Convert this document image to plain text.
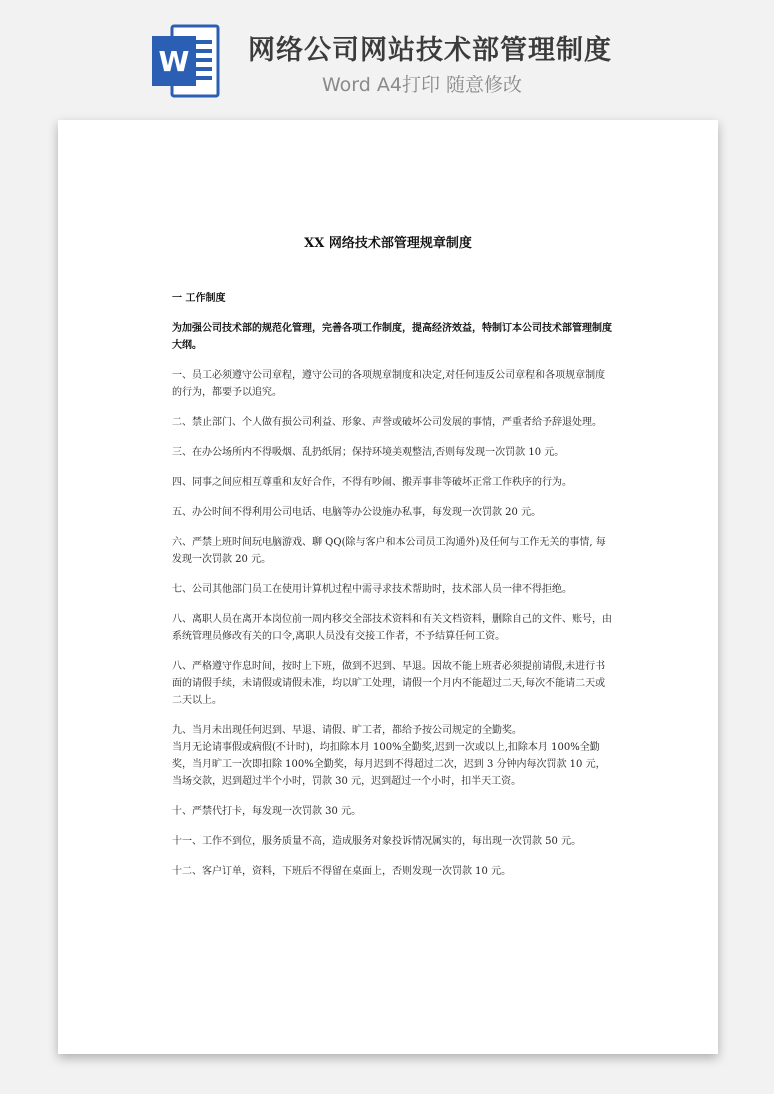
W 网络公司网站技术部管理制度
Word A4打印 随意修改
XX 网络技术部管理规章制度

一 工作制度

为加强公司技术部的规范化管理，完善各项工作制度，提高经济效益，特制订本公司技术部管理制度大纲。

一、员工必须遵守公司章程，遵守公司的各项规章制度和决定,对任何违反公司章程和各项规章制度的行为，都要予以追究。

二、禁止部门、个人做有损公司利益、形象、声誉或破坏公司发展的事情，严重者给予辞退处理。

三、在办公场所内不得吸烟、乱扔纸屑；保持环境美观整洁,否则每发现一次罚款 10 元。

四、同事之间应相互尊重和友好合作，不得有吵闹、搬弄事非等破坏正常工作秩序的行为。

五、办公时间不得利用公司电话、电脑等办公设施办私事，每发现一次罚款 20 元。

六、严禁上班时间玩电脑游戏、聊 QQ(除与客户和本公司员工沟通外)及任何与工作无关的事情, 每发现一次罚款 20 元。

七、公司其他部门员工在使用计算机过程中需寻求技术帮助时，技术部人员一律不得拒绝。

八、离职人员在离开本岗位前一周内移交全部技术资料和有关文档资料，删除自己的文件、账号，由系统管理员修改有关的口令,离职人员没有交接工作者，不予结算任何工资。

八、严格遵守作息时间，按时上下班，做到不迟到、早退。因故不能上班者必须提前请假,未进行书面的请假手续，未请假或请假未准，均以旷工处理，请假一个月内不能超过二天,每次不能请二天或二天以上。

九、当月未出现任何迟到、早退、请假、旷工者，都给予按公司规定的全勤奖。

当月无论请事假或病假(不计时)，均扣除本月 100%全勤奖,迟到一次或以上,扣除本月 100%全勤奖，当月旷工一次即扣除 100%全勤奖，每月迟到不得超过二次，迟到 3 分钟内每次罚款 10 元，当场交款，迟到超过半个小时，罚款 30 元，迟到超过一个小时，扣半天工资。

十、严禁代打卡，每发现一次罚款 30 元。

十一、工作不到位，服务质量不高，造成服务对象投诉情况属实的，每出现一次罚款 50 元。

十二、客户订单，资料，下班后不得留在桌面上，否则发现一次罚款 10 元。
